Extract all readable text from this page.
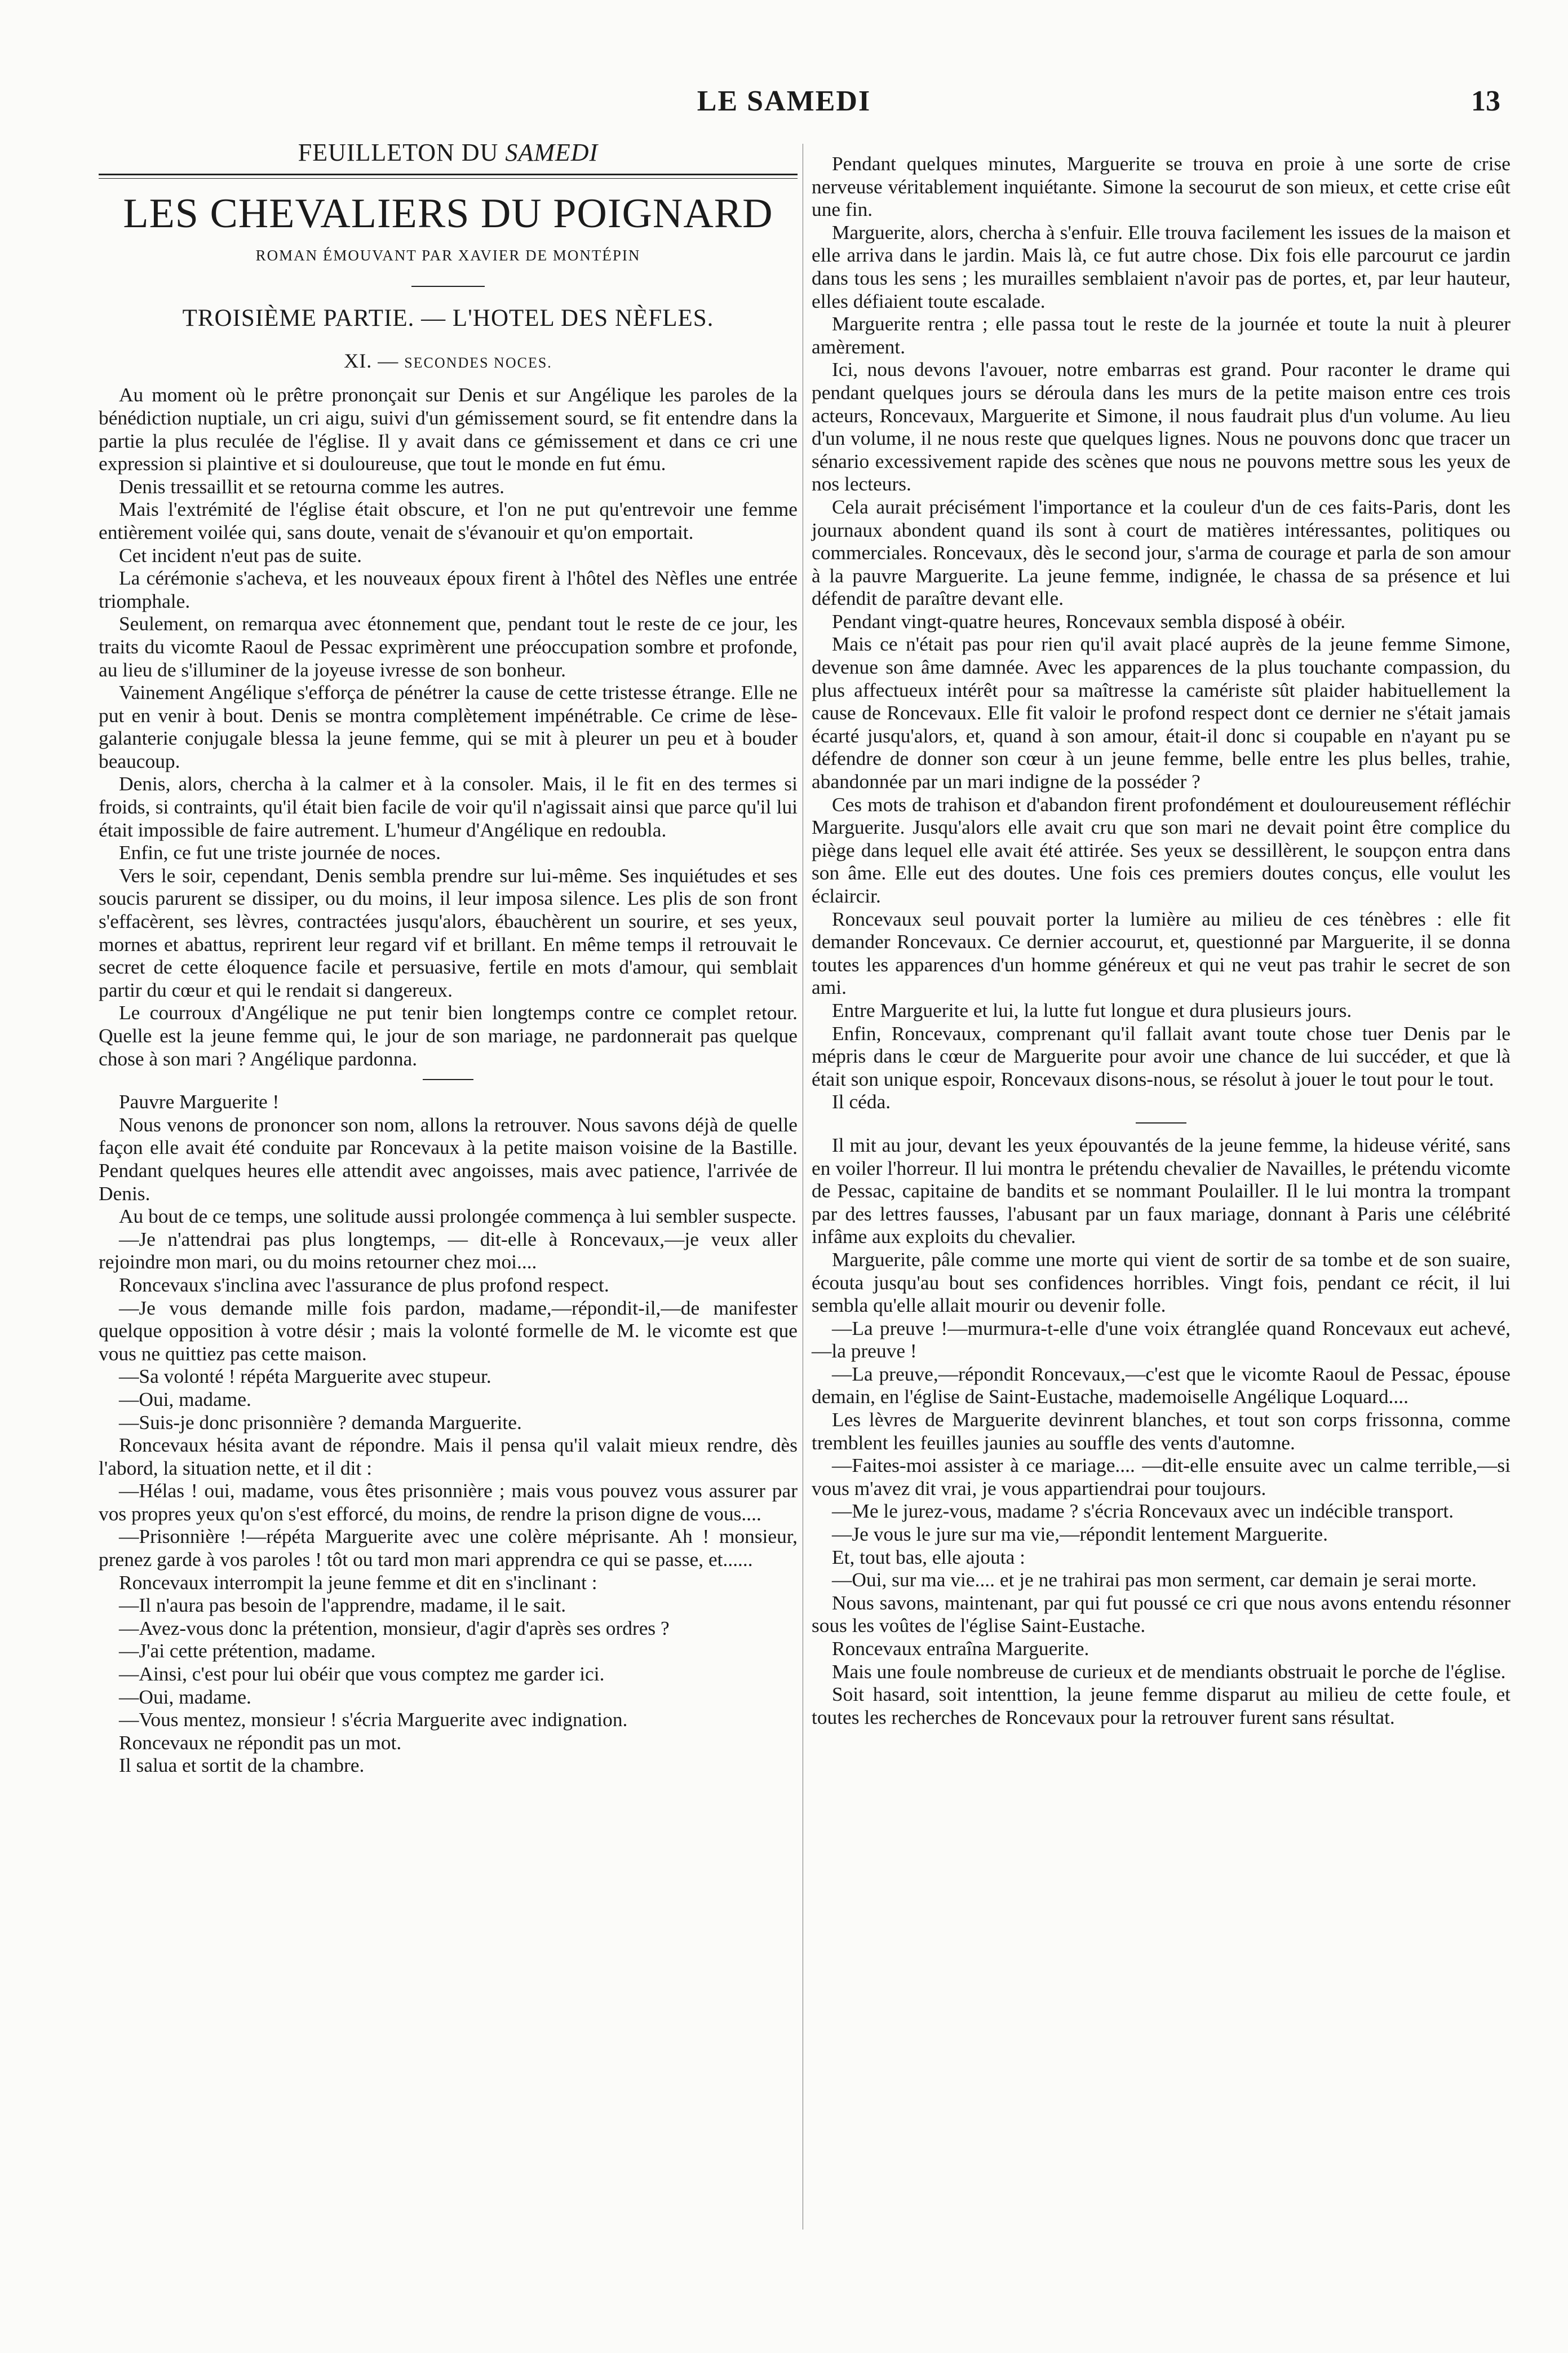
LE SAMEDI	13
FEUILLETON DU SAMEDI
LES CHEVALIERS DU POIGNARD
ROMAN ÉMOUVANT PAR XAVIER DE MONTÉPIN
TROISIÈME PARTIE. — L'HOTEL DES NÈFLES.
XI. — SECONDES NOCES.

Au moment où le prêtre prononçait sur Denis et sur Angélique les paroles de la bénédiction nuptiale, un cri aigu, suivi d'un gémissement sourd, se fit entendre dans la partie la plus reculée de l'église. Il y avait dans ce gémissement et dans ce cri une expression si plaintive et si douloureuse, que tout le monde en fut ému.

Denis tressaillit et se retourna comme les autres.

Mais l'extrémité de l'église était obscure, et l'on ne put qu'entrevoir une femme entièrement voilée qui, sans doute, venait de s'évanouir et qu'on emportait.

Cet incident n'eut pas de suite.

La cérémonie s'acheva, et les nouveaux époux firent à l'hôtel des Nèfles une entrée triomphale.

Seulement, on remarqua avec étonnement que, pendant tout le reste de ce jour, les traits du vicomte Raoul de Pessac exprimèrent une préoccupation sombre et profonde, au lieu de s'illuminer de la joyeuse ivresse de son bonheur.

Vainement Angélique s'efforça de pénétrer la cause de cette tristesse étrange. Elle ne put en venir à bout. Denis se montra complètement impénétrable. Ce crime de lèse-galanterie conjugale blessa la jeune femme, qui se mit à pleurer un peu et à bouder beaucoup.

Denis, alors, chercha à la calmer et à la consoler. Mais, il le fit en des termes si froids, si contraints, qu'il était bien facile de voir qu'il n'agissait ainsi que parce qu'il lui était impossible de faire autrement. L'humeur d'Angélique en redoubla.

Enfin, ce fut une triste journée de noces.

Vers le soir, cependant, Denis sembla prendre sur lui-même. Ses inquiétudes et ses soucis parurent se dissiper, ou du moins, il leur imposa silence. Les plis de son front s'effacèrent, ses lèvres, contractées jusqu'alors, ébauchèrent un sourire, et ses yeux, mornes et abattus, reprirent leur regard vif et brillant. En même temps il retrouvait le secret de cette éloquence facile et persuasive, fertile en mots d'amour, qui semblait partir du cœur et qui le rendait si dangereux.

Le courroux d'Angélique ne put tenir bien longtemps contre ce complet retour. Quelle est la jeune femme qui, le jour de son mariage, ne pardonnerait pas quelque chose à son mari ? Angélique pardonna.

Pauvre Marguerite !

Nous venons de prononcer son nom, allons la retrouver. Nous savons déjà de quelle façon elle avait été conduite par Roncevaux à la petite maison voisine de la Bastille. Pendant quelques heures elle attendit avec angoisses, mais avec patience, l'arrivée de Denis.

Au bout de ce temps, une solitude aussi prolongée commença à lui sembler suspecte.

—Je n'attendrai pas plus longtemps, — dit-elle à Roncevaux,—je veux aller rejoindre mon mari, ou du moins retourner chez moi....

Roncevaux s'inclina avec l'assurance de plus profond respect.

—Je vous demande mille fois pardon, madame,—répondit-il,—de manifester quelque opposition à votre désir ; mais la volonté formelle de M. le vicomte est que vous ne quittiez pas cette maison.

—Sa volonté ! répéta Marguerite avec stupeur.

—Oui, madame.

—Suis-je donc prisonnière ? demanda Marguerite.

Roncevaux hésita avant de répondre. Mais il pensa qu'il valait mieux rendre, dès l'abord, la situation nette, et il dit :

—Hélas ! oui, madame, vous êtes prisonnière ; mais vous pouvez vous assurer par vos propres yeux qu'on s'est efforcé, du moins, de rendre la prison digne de vous....

—Prisonnière !—répéta Marguerite avec une colère méprisante. Ah ! monsieur, prenez garde à vos paroles ! tôt ou tard mon mari apprendra ce qui se passe, et......

Roncevaux interrompit la jeune femme et dit en s'inclinant :

—Il n'aura pas besoin de l'apprendre, madame, il le sait.

—Avez-vous donc la prétention, monsieur, d'agir d'après ses ordres ?

—J'ai cette prétention, madame.

—Ainsi, c'est pour lui obéir que vous comptez me garder ici.

—Oui, madame.

—Vous mentez, monsieur ! s'écria Marguerite avec indignation.

Roncevaux ne répondit pas un mot.

Il salua et sortit de la chambre.

Pendant quelques minutes, Marguerite se trouva en proie à une sorte de crise nerveuse véritablement inquiétante. Simone la secourut de son mieux, et cette crise eût une fin.

Marguerite, alors, chercha à s'enfuir. Elle trouva facilement les issues de la maison et elle arriva dans le jardin. Mais là, ce fut autre chose. Dix fois elle parcourut ce jardin dans tous les sens ; les murailles semblaient n'avoir pas de portes, et, par leur hauteur, elles défiaient toute escalade.

Marguerite rentra ; elle passa tout le reste de la journée et toute la nuit à pleurer amèrement.

Ici, nous devons l'avouer, notre embarras est grand. Pour raconter le drame qui pendant quelques jours se déroula dans les murs de la petite maison entre ces trois acteurs, Roncevaux, Marguerite et Simone, il nous faudrait plus d'un volume. Au lieu d'un volume, il ne nous reste que quelques lignes. Nous ne pouvons donc que tracer un sénario excessivement rapide des scènes que nous ne pouvons mettre sous les yeux de nos lecteurs.

Cela aurait précisément l'importance et la couleur d'un de ces faits-Paris, dont les journaux abondent quand ils sont à court de matières intéressantes, politiques ou commerciales. Roncevaux, dès le second jour, s'arma de courage et parla de son amour à la pauvre Marguerite. La jeune femme, indignée, le chassa de sa présence et lui défendit de paraître devant elle.

Pendant vingt-quatre heures, Roncevaux sembla disposé à obéir.

Mais ce n'était pas pour rien qu'il avait placé auprès de la jeune femme Simone, devenue son âme damnée. Avec les apparences de la plus touchante compassion, du plus affectueux intérêt pour sa maîtresse la camériste sût plaider habituellement la cause de Roncevaux. Elle fit valoir le profond respect dont ce dernier ne s'était jamais écarté jusqu'alors, et, quand à son amour, était-il donc si coupable en n'ayant pu se défendre de donner son cœur à un jeune femme, belle entre les plus belles, trahie, abandonnée par un mari indigne de la posséder ?

Ces mots de trahison et d'abandon firent profondément et douloureusement réfléchir Marguerite. Jusqu'alors elle avait cru que son mari ne devait point être complice du piège dans lequel elle avait été attirée. Ses yeux se dessillèrent, le soupçon entra dans son âme. Elle eut des doutes. Une fois ces premiers doutes conçus, elle voulut les éclaircir.

Roncevaux seul pouvait porter la lumière au milieu de ces ténèbres : elle fit demander Roncevaux. Ce dernier accourut, et, questionné par Marguerite, il se donna toutes les apparences d'un homme généreux et qui ne veut pas trahir le secret de son ami.

Entre Marguerite et lui, la lutte fut longue et dura plusieurs jours.

Enfin, Roncevaux, comprenant qu'il fallait avant toute chose tuer Denis par le mépris dans le cœur de Marguerite pour avoir une chance de lui succéder, et que là était son unique espoir, Roncevaux disons-nous, se résolut à jouer le tout pour le tout.

Il céda.

Il mit au jour, devant les yeux épouvantés de la jeune femme, la hideuse vérité, sans en voiler l'horreur. Il lui montra le prétendu chevalier de Navailles, le prétendu vicomte de Pessac, capitaine de bandits et se nommant Poulailler. Il le lui montra la trompant par des lettres fausses, l'abusant par un faux mariage, donnant à Paris une célébrité infâme aux exploits du chevalier.

Marguerite, pâle comme une morte qui vient de sortir de sa tombe et de son suaire, écouta jusqu'au bout ses confidences horribles. Vingt fois, pendant ce récit, il lui sembla qu'elle allait mourir ou devenir folle.

—La preuve !—murmura-t-elle d'une voix étranglée quand Roncevaux eut achevé,—la preuve !

—La preuve,—répondit Roncevaux,—c'est que le vicomte Raoul de Pessac, épouse demain, en l'église de Saint-Eustache, mademoiselle Angélique Loquard....

Les lèvres de Marguerite devinrent blanches, et tout son corps frissonna, comme tremblent les feuilles jaunies au souffle des vents d'automne.

—Faites-moi assister à ce mariage.... —dit-elle ensuite avec un calme terrible,—si vous m'avez dit vrai, je vous appartiendrai pour toujours.

—Me le jurez-vous, madame ? s'écria Roncevaux avec un indécible transport.

—Je vous le jure sur ma vie,—répondit lentement Marguerite.

Et, tout bas, elle ajouta :

—Oui, sur ma vie.... et je ne trahirai pas mon serment, car demain je serai morte.

Nous savons, maintenant, par qui fut poussé ce cri que nous avons entendu résonner sous les voûtes de l'église Saint-Eustache.

Roncevaux entraîna Marguerite.

Mais une foule nombreuse de curieux et de mendiants obstruait le porche de l'église.

Soit hasard, soit intenttion, la jeune femme disparut au milieu de cette foule, et toutes les recherches de Roncevaux pour la retrouver furent sans résultat.
